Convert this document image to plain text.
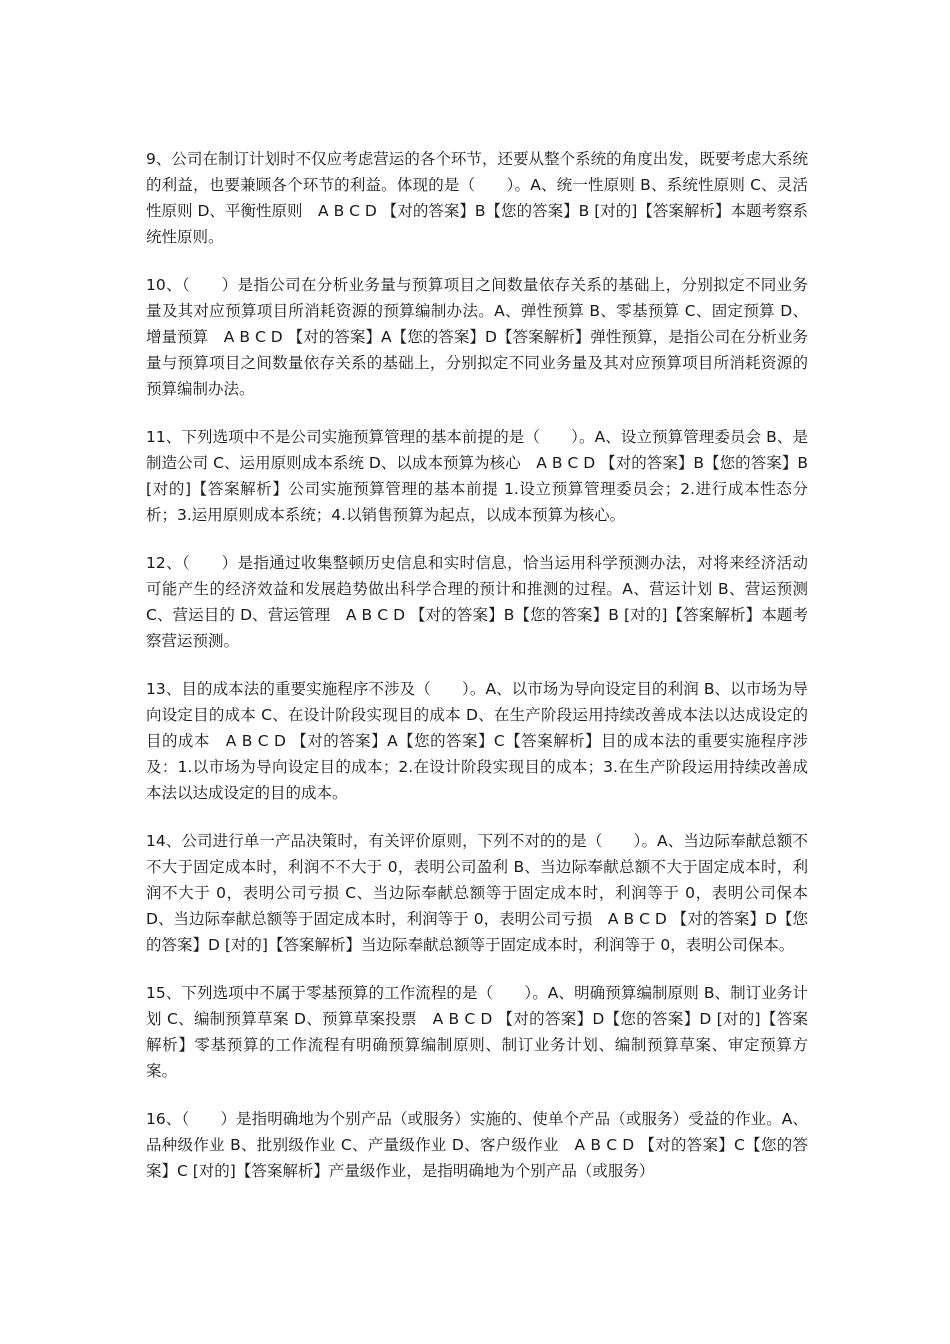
9、公司在制订计划时不仅应考虑营运的各个环节，还要从整个系统的角度出发，既要考虑大系统的利益，也要兼顾各个环节的利益。体现的是（　　）。A、统一性原则 B、系统性原则 C、灵活性原则 D、平衡性原则　A B C D 【对的答案】B【您的答案】B [对的]【答案解析】本题考察系统性原则。

10、（　　）是指公司在分析业务量与预算项目之间数量依存关系的基础上，分别拟定不同业务量及其对应预算项目所消耗资源的预算编制办法。A、弹性预算 B、零基预算 C、固定预算 D、增量预算　A B C D 【对的答案】A【您的答案】D【答案解析】弹性预算，是指公司在分析业务量与预算项目之间数量依存关系的基础上，分别拟定不同业务量及其对应预算项目所消耗资源的预算编制办法。

11、下列选项中不是公司实施预算管理的基本前提的是（　　）。A、设立预算管理委员会 B、是制造公司 C、运用原则成本系统 D、以成本预算为核心　A B C D 【对的答案】B【您的答案】B [对的]【答案解析】公司实施预算管理的基本前提 1.设立预算管理委员会；2.进行成本性态分析；3.运用原则成本系统；4.以销售预算为起点，以成本预算为核心。

12、（　　）是指通过收集整顿历史信息和实时信息，恰当运用科学预测办法，对将来经济活动可能产生的经济效益和发展趋势做出科学合理的预计和推测的过程。A、营运计划 B、营运预测 C、营运目的 D、营运管理　A B C D 【对的答案】B【您的答案】B [对的]【答案解析】本题考察营运预测。

13、目的成本法的重要实施程序不涉及（　　）。A、以市场为导向设定目的利润 B、以市场为导向设定目的成本 C、在设计阶段实现目的成本 D、在生产阶段运用持续改善成本法以达成设定的目的成本　A B C D 【对的答案】A【您的答案】C【答案解析】目的成本法的重要实施程序涉及：1.以市场为导向设定目的成本；2.在设计阶段实现目的成本；3.在生产阶段运用持续改善成本法以达成设定的目的成本。

14、公司进行单一产品决策时，有关评价原则，下列不对的的是（　　）。A、当边际奉献总额不不大于固定成本时，利润不不大于 0，表明公司盈利 B、当边际奉献总额不大于固定成本时，利润不大于 0，表明公司亏损 C、当边际奉献总额等于固定成本时，利润等于 0，表明公司保本 D、当边际奉献总额等于固定成本时，利润等于 0，表明公司亏损　A B C D 【对的答案】D【您的答案】D [对的]【答案解析】当边际奉献总额等于固定成本时，利润等于 0，表明公司保本。

15、下列选项中不属于零基预算的工作流程的是（　　）。A、明确预算编制原则 B、制订业务计划 C、编制预算草案 D、预算草案投票　A B C D 【对的答案】D【您的答案】D [对的]【答案解析】零基预算的工作流程有明确预算编制原则、制订业务计划、编制预算草案、审定预算方案。

16、（　　）是指明确地为个别产品（或服务）实施的、使单个产品（或服务）受益的作业。A、品种级作业 B、批别级作业 C、产量级作业 D、客户级作业　A B C D 【对的答案】C【您的答案】C [对的]【答案解析】产量级作业，是指明确地为个别产品（或服务）
